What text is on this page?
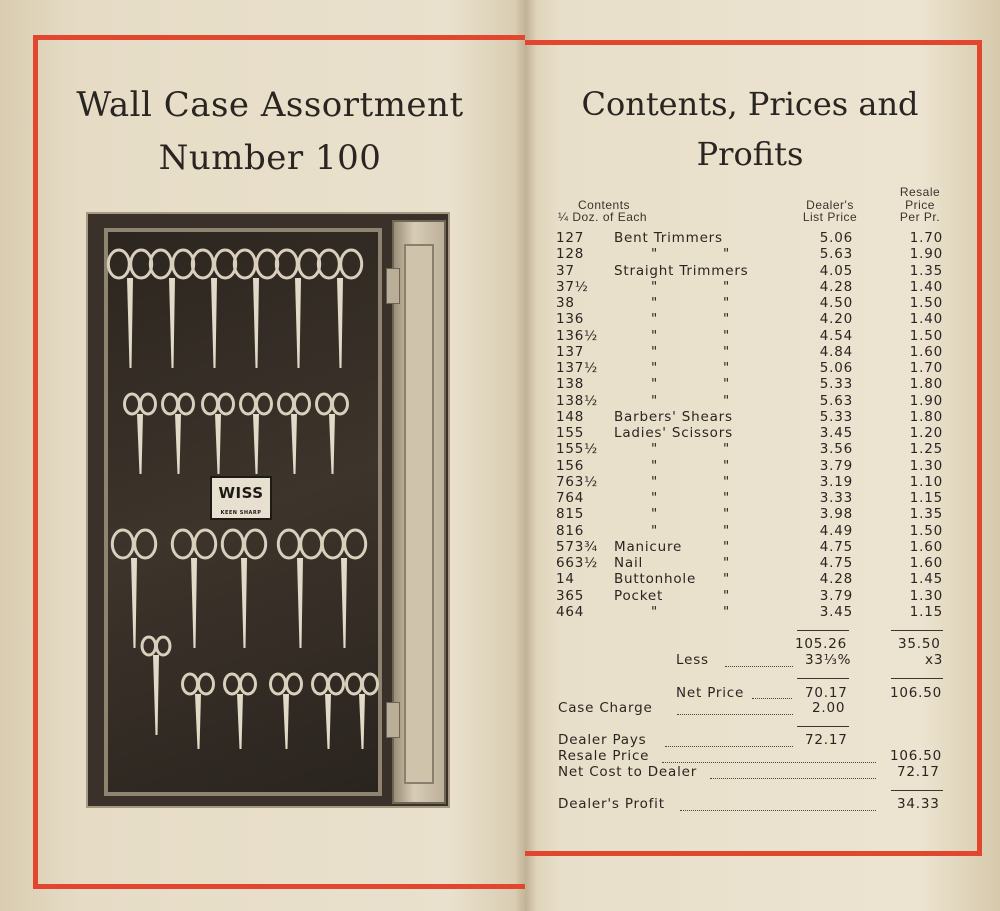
Wall Case Assortment
Number 100
WISS
KEEN SHARP
Contents, Prices and
Profits
Contents
¼ Doz. of Each
Dealer's
List Price
Resale
Price
Per Pr.
127 Bent Trimmers	5.06	1.70
128	"	"	5.63	1.90
37	Straight Trimmers	4.05	1.35
37½	"	"	4.28	1.40
38	"	"	4.50	1.50
136	"	"	4.20	1.40
136½	"	"	4.54	1.50
137	"	"	4.84	1.60
137½	"	"	5.06	1.70
138	"	"	5.33	1.80
138½	"	"	5.63	1.90
148 Barbers' Shears	5.33	1.80
155 Ladies' Scissors	3.45	1.20
155½	"	"	3.56	1.25
156	"	"	3.79	1.30
763½	"	"	3.19	1.10
764	"	"	3.33	1.15
815	"	"	3.98	1.35
816	"	"	4.49	1.50
573¾ Manicure	"	4.75	1.60
663½ Nail	"	4.75	1.60
14	Buttonhole "	4.28	1.45
365 Pocket	"	3.79	1.30
464	"	"	3.45	1.15
105.26	35.50
Less	33⅓%	x3
Net Price	70.17	106.50
Case Charge	2.00
Dealer Pays	72.17
Resale Price	106.50
Net Cost to Dealer	72.17
Dealer's Profit	34.33
